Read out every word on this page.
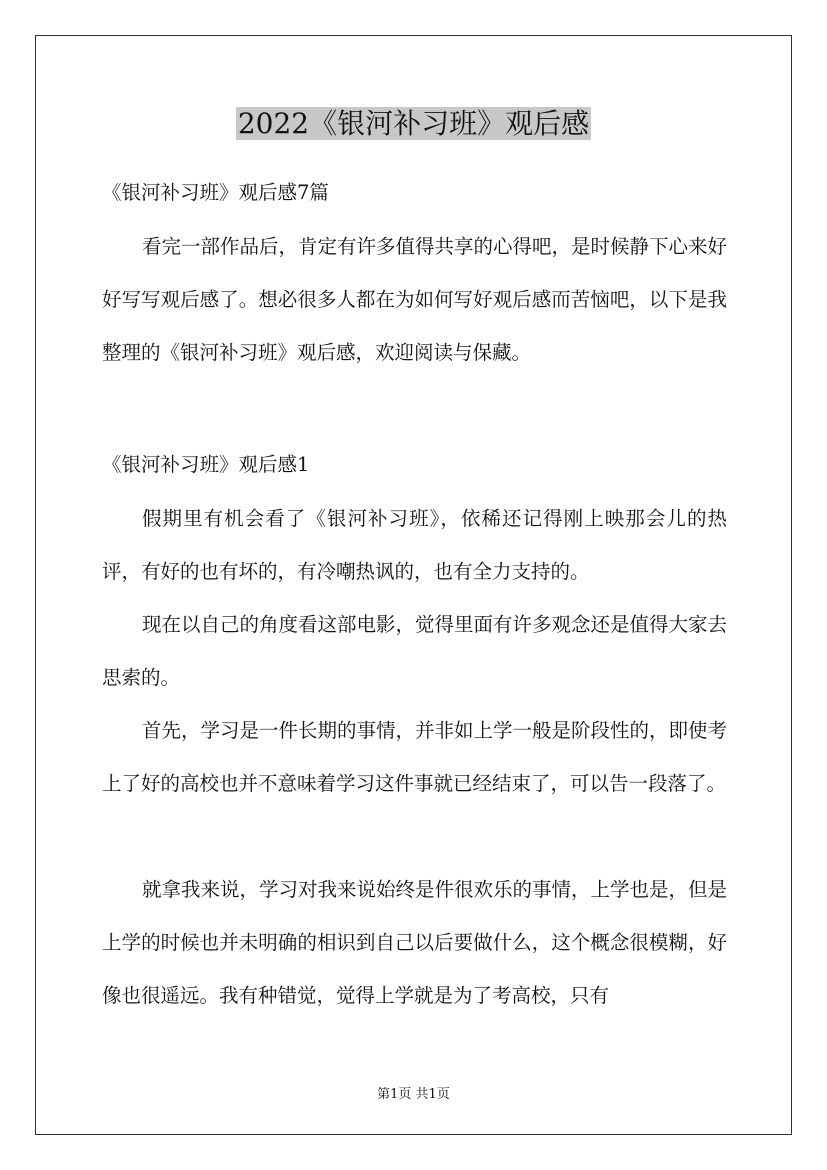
2022《银河补习班》观后感

《银河补习班》观后感7篇

看完一部作品后，肯定有许多值得共享的心得吧，是时候静下心来好好写写观后感了。想必很多人都在为如何写好观后感而苦恼吧，以下是我整理的《银河补习班》观后感，欢迎阅读与保藏。

《银河补习班》观后感1

假期里有机会看了《银河补习班》，依稀还记得刚上映那会儿的热评，有好的也有坏的，有冷嘲热讽的，也有全力支持的。

现在以自己的角度看这部电影，觉得里面有许多观念还是值得大家去思索的。

首先，学习是一件长期的事情，并非如上学一般是阶段性的，即使考上了好的高校也并不意味着学习这件事就已经结束了，可以告一段落了。

就拿我来说，学习对我来说始终是件很欢乐的事情，上学也是，但是上学的时候也并未明确的相识到自己以后要做什么，这个概念很模糊，好像也很遥远。我有种错觉，觉得上学就是为了考高校，只有

第1页 共1页
